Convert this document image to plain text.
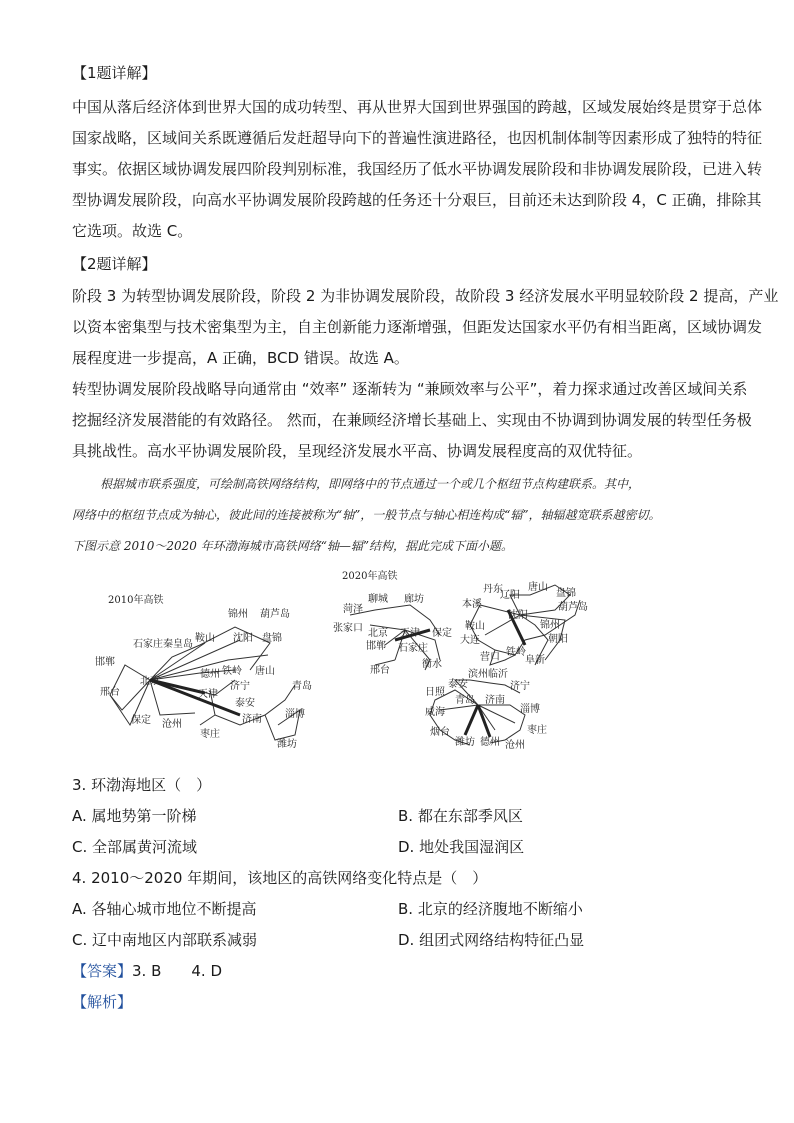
【1题详解】
中国从落后经济体到世界大国的成功转型、再从世界大国到世界强国的跨越，区域发展始终是贯穿于总体
国家战略，区域间关系既遵循后发赶超导向下的普遍性演进路径，也因机制体制等因素形成了独特的特征
事实。依据区域协调发展四阶段判别标准，我国经历了低水平协调发展阶段和非协调发展阶段，已进入转
型协调发展阶段，向高水平协调发展阶段跨越的任务还十分艰巨，目前还未达到阶段 4，C 正确，排除其
它选项。故选 C。
【2题详解】
阶段 3 为转型协调发展阶段，阶段 2 为非协调发展阶段，故阶段 3 经济发展水平明显较阶段 2 提高，产业
以资本密集型与技术密集型为主，自主创新能力逐渐增强，但距发达国家水平仍有相当距离，区域协调发
展程度进一步提高，A 正确，BCD 错误。故选 A。
转型协调发展阶段战略导向通常由 “效率” 逐渐转为 “兼顾效率与公平”，着力探求通过改善区域间关系
挖掘经济发展潜能的有效路径。 然而，在兼顾经济增长基础上、实现由不协调到协调发展的转型任务极
具挑战性。高水平协调发展阶段，呈现经济发展水平高、协调发展程度高的双优特征。
根据城市联系强度，可绘制高铁网络结构，即网络中的节点通过一个或几个枢纽节点构建联系。其中，
网络中的枢纽节点成为轴心，彼此间的连接被称为“轴”，一般节点与轴心相连构成“辐”，轴辐越宽联系越密切。
下图示意 2010～2020 年环渤海城市高铁网络“轴—辐”结构，据此完成下面小题。
2010年高铁
锦州 葫芦岛
石家庄 秦皇岛
鞍山 沈阳 盘锦
邯郸
北京
德州 铁岭 唐山
邢台	天津
济宁	青岛
保定 沧州
泰安
济南 淄博
枣庄
潍坊
2020年高铁
菏泽
聊城 廊坊
张家口 北京 天津 保定
邯郸 石家庄
衡水
邢台
丹东
辽阳
唐山
盘锦
本溪	葫芦岛
鞍山
沈阳
大连
锦州
朝阳
营口 铁岭
阜新
滨州 临沂
泰安	济宁
日照
青岛 济南
威海	淄博
烟台
潍坊 德州 沧州
枣庄
3. 环渤海地区（　）
A. 属地势第一阶梯	B. 都在东部季风区
C. 全部属黄河流域	D. 地处我国湿润区
4. 2010～2020 年期间，该地区的高铁网络变化特点是（　）
A. 各轴心城市地位不断提高	B. 北京的经济腹地不断缩小
C. 辽中南地区内部联系减弱	D. 组团式网络结构特征凸显
【答案】3. B　　4. D
【解析】
